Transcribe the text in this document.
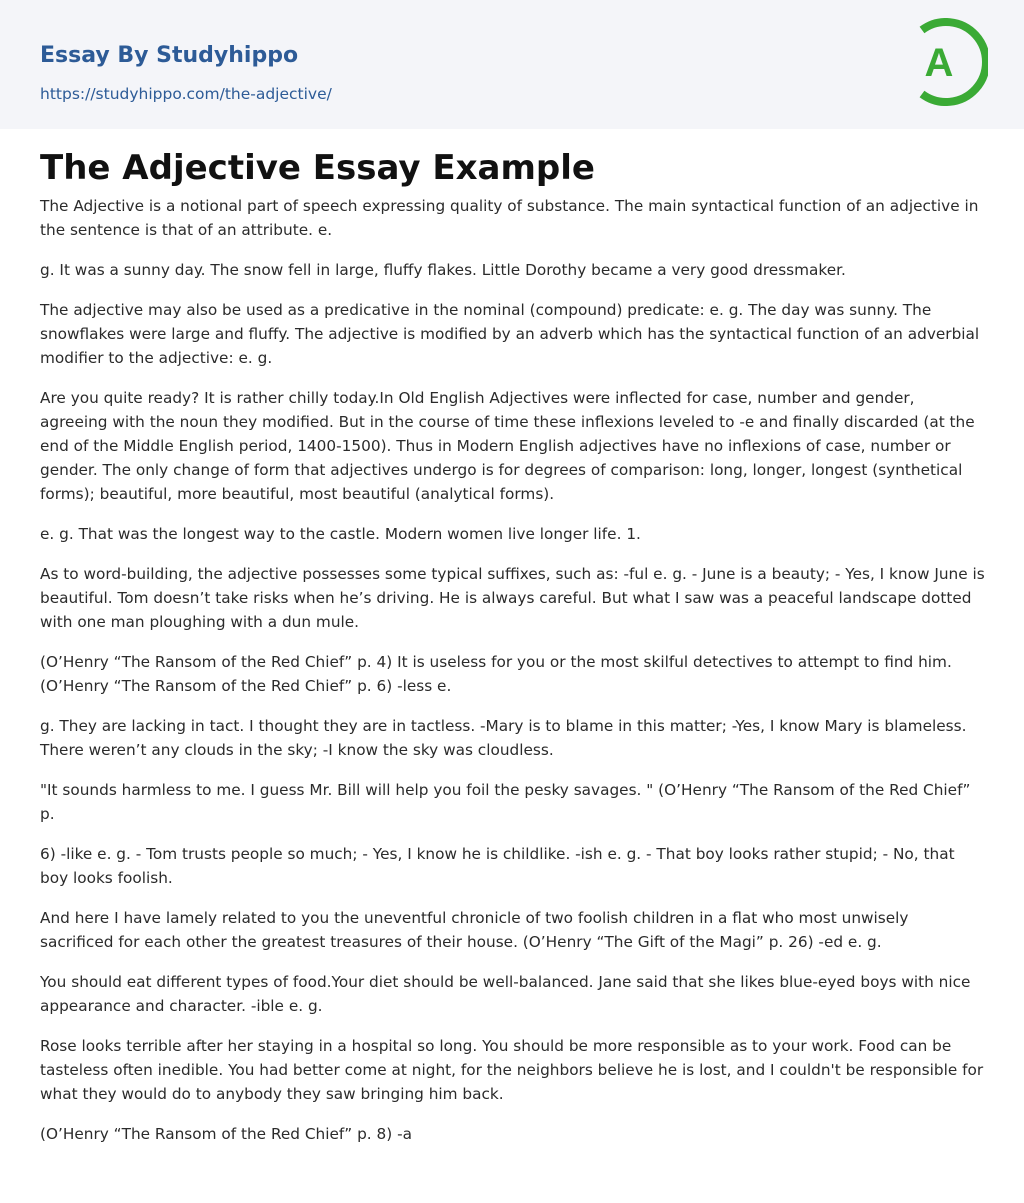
Essay By Studyhippo
https://studyhippo.com/the-adjective/
A
The Adjective Essay Example

The Adjective is a notional part of speech expressing quality of substance. The main syntactical function of an adjective in the sentence is that of an attribute. e.

g. It was a sunny day. The snow fell in large, fluffy flakes. Little Dorothy became a very good dressmaker.

The adjective may also be used as a predicative in the nominal (compound) predicate: e. g. The day was sunny. The snowflakes were large and fluffy. The adjective is modified by an adverb which has the syntactical function of an adverbial modifier to the adjective: e. g.

Are you quite ready? It is rather chilly today.In Old English Adjectives were inflected for case, number and gender, agreeing with the noun they modified. But in the course of time these inflexions leveled to -e and finally discarded (at the end of the Middle English period, 1400-1500). Thus in Modern English adjectives have no inflexions of case, number or gender. The only change of form that adjectives undergo is for degrees of comparison: long, longer, longest (synthetical forms); beautiful, more beautiful, most beautiful (analytical forms).

e. g. That was the longest way to the castle. Modern women live longer life. 1.

As to word-building, the adjective possesses some typical suffixes, such as: -ful e. g. - June is a beauty; - Yes, I know June is beautiful. Tom doesn’t take risks when he’s driving. He is always careful. But what I saw was a peaceful landscape dotted with one man ploughing with a dun mule.

(O’Henry “The Ransom of the Red Chief” p. 4) It is useless for you or the most skilful detectives to attempt to find him. (O’Henry “The Ransom of the Red Chief” p. 6) -less e.

g. They are lacking in tact. I thought they are in tactless. -Mary is to blame in this matter; -Yes, I know Mary is blameless. There weren’t any clouds in the sky; -I know the sky was cloudless.

"It sounds harmless to me. I guess Mr. Bill will help you foil the pesky savages. " (O’Henry “The Ransom of the Red Chief” p.

6) -like e. g. - Tom trusts people so much; - Yes, I know he is childlike. -ish e. g. - That boy looks rather stupid; - No, that boy looks foolish.

And here I have lamely related to you the uneventful chronicle of two foolish children in a flat who most unwisely sacrificed for each other the greatest treasures of their house. (O’Henry “The Gift of the Magi” p. 26) -ed e. g.

You should eat different types of food.Your diet should be well-balanced. Jane said that she likes blue-eyed boys with nice appearance and character. -ible e. g.

Rose looks terrible after her staying in a hospital so long. You should be more responsible as to your work. Food can be tasteless often inedible. You had better come at night, for the neighbors believe he is lost, and I couldn't be responsible for what they would do to anybody they saw bringing him back.

(O’Henry “The Ransom of the Red Chief” p. 8) -a
